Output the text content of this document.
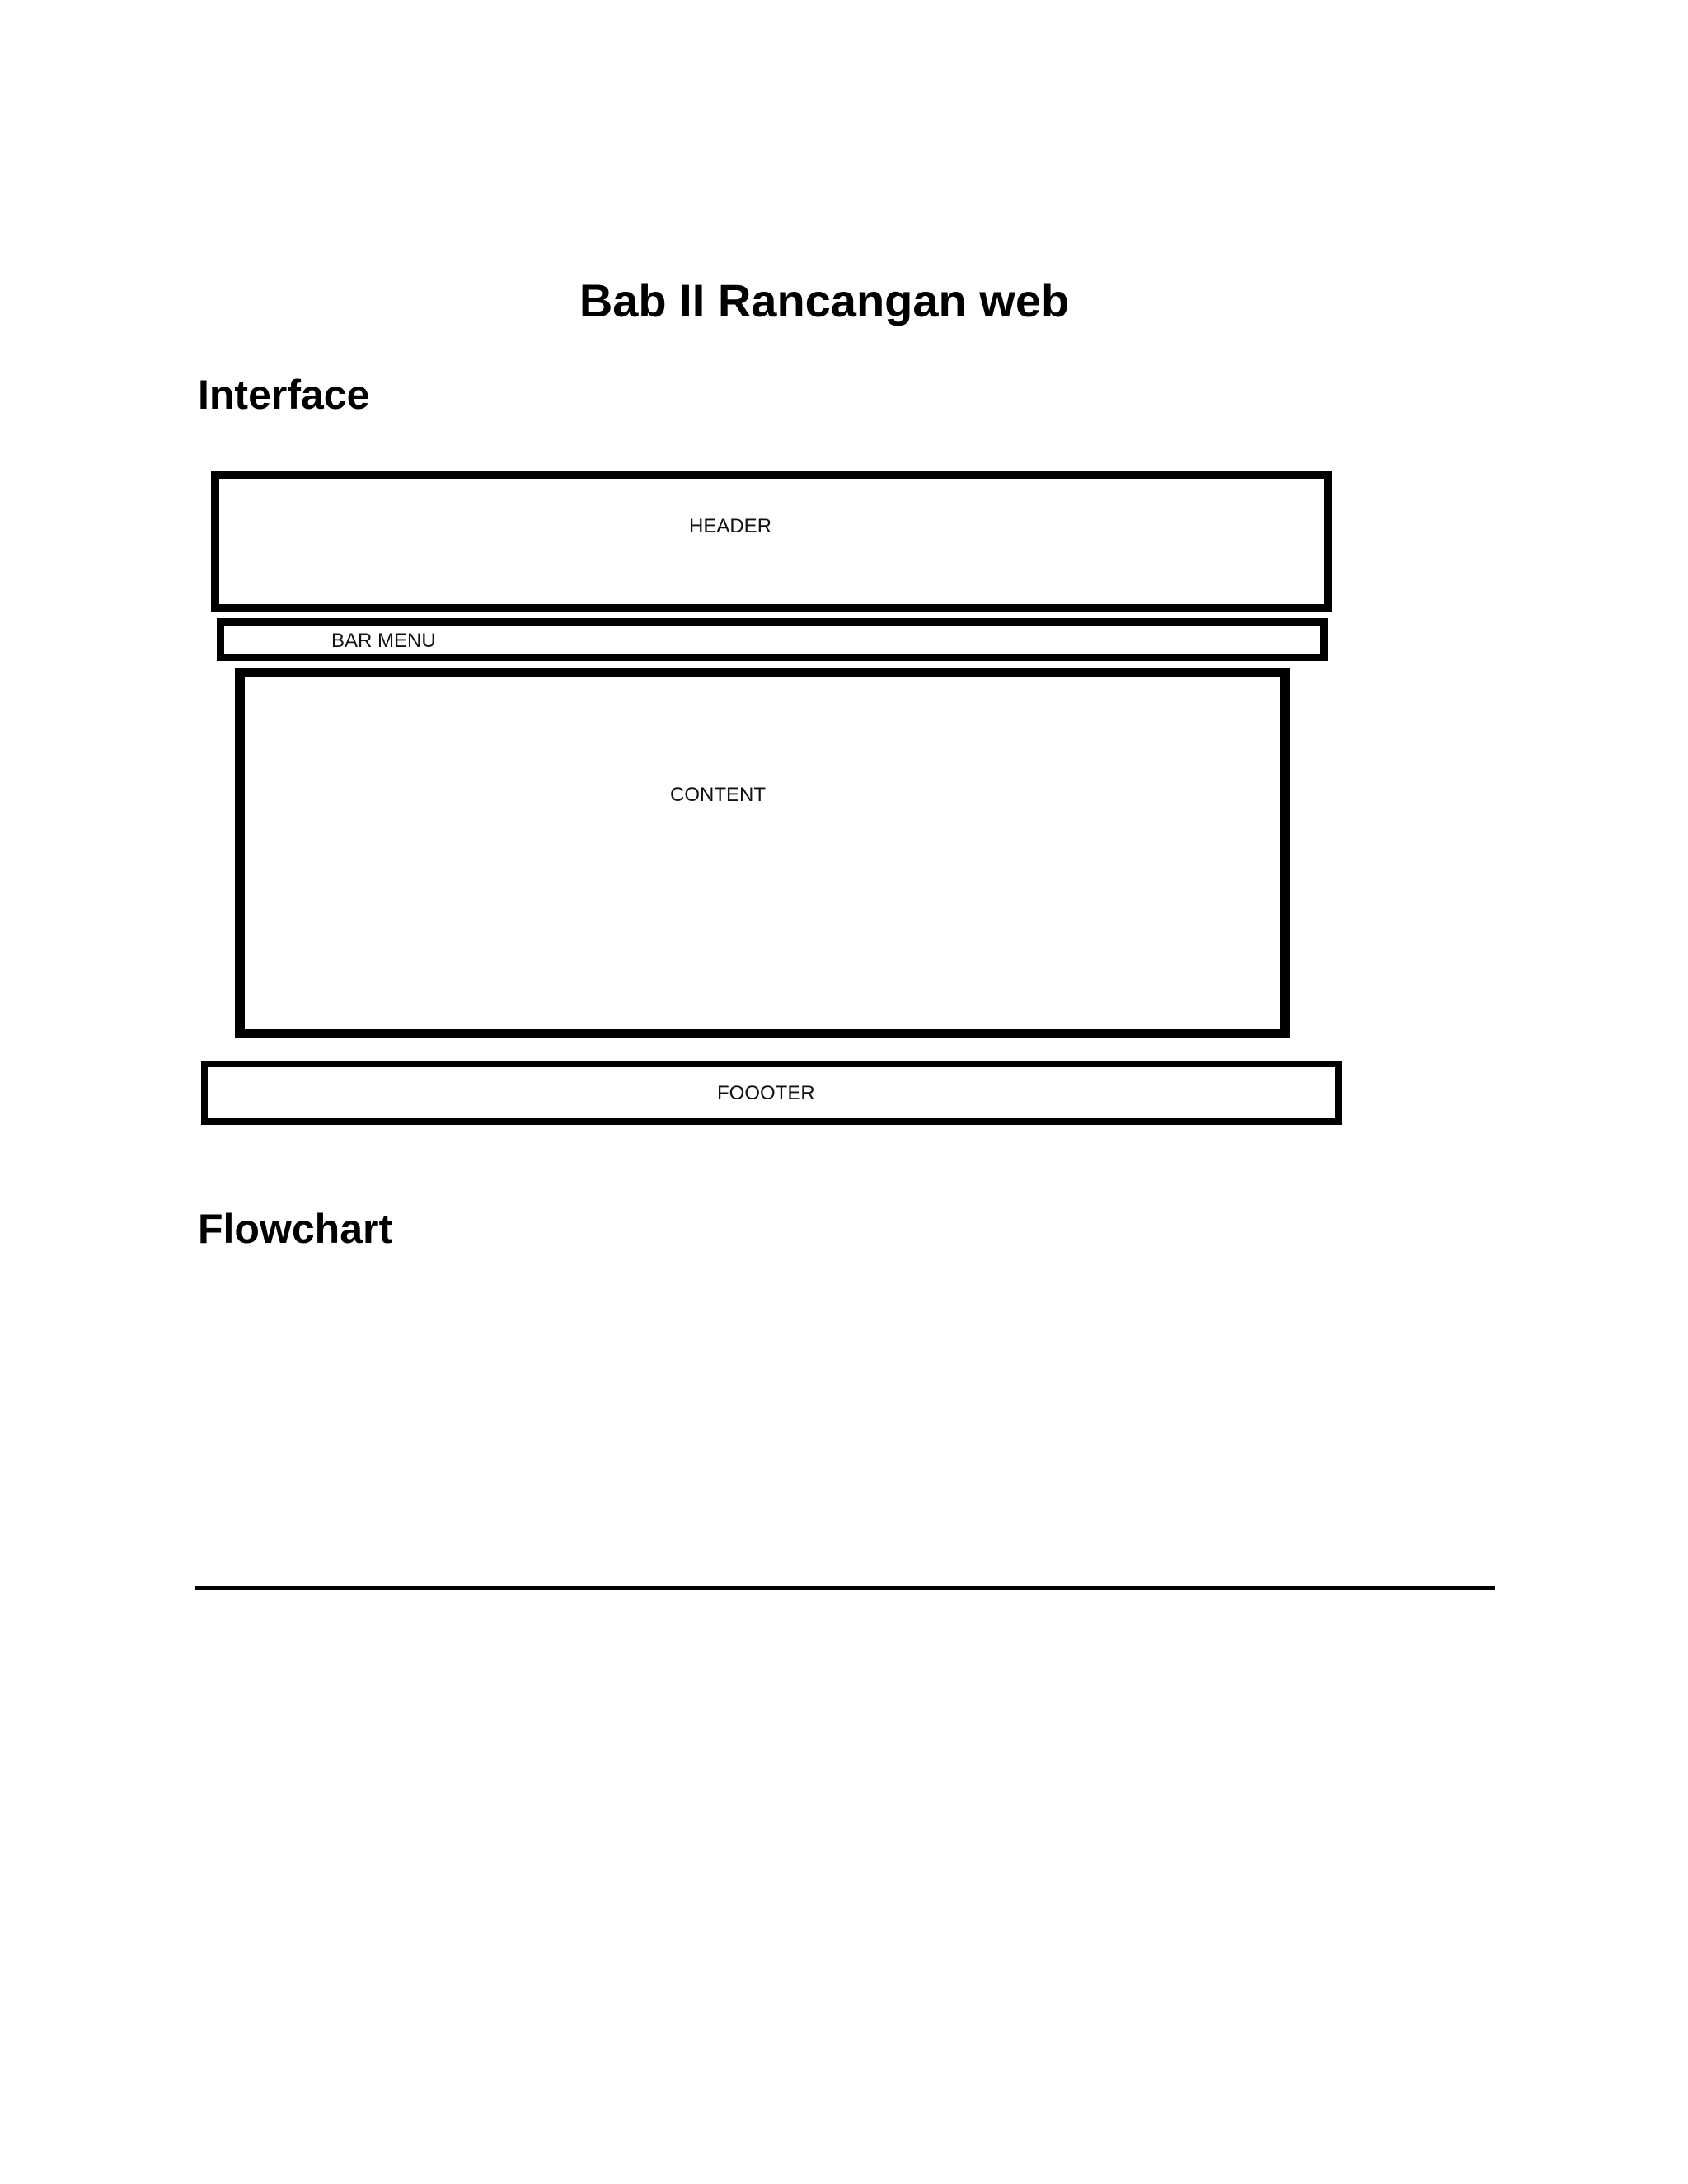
Bab II Rancangan web
Interface
HEADER
BAR MENU
CONTENT
FOOOTER
Flowchart
